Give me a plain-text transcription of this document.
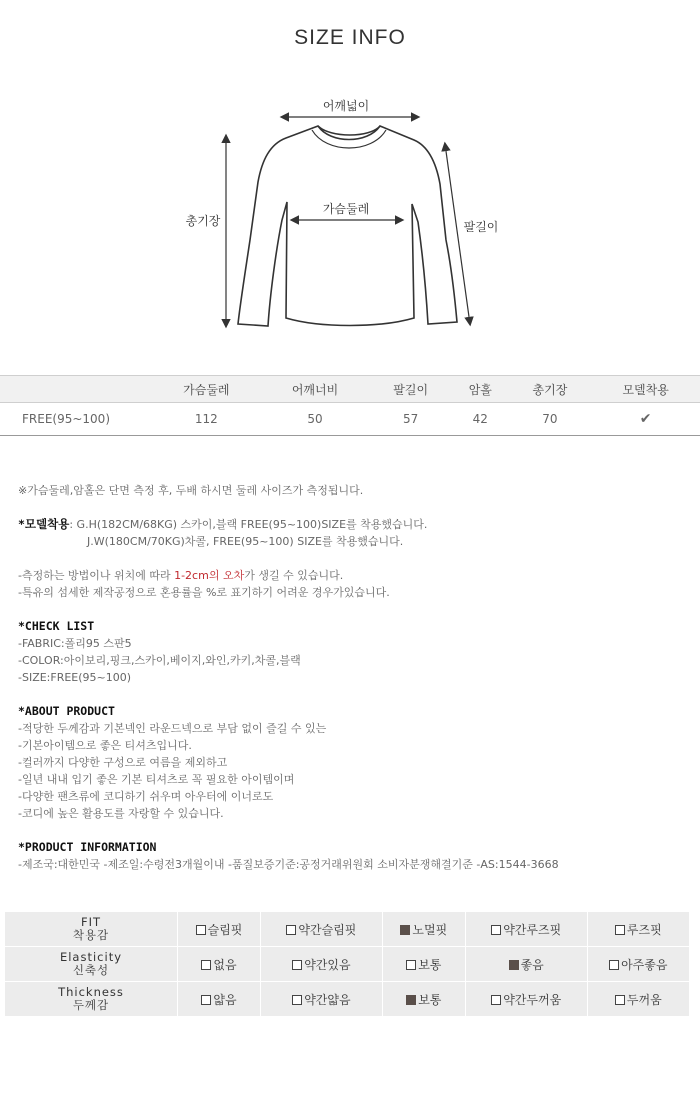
SIZE INFO
어깨넓이
가슴둘레
총기장	팔길이
	가슴둘레	어깨너비	팔길이	암홀	총기장	모델착용
FREE(95~100)	112	50	57	42	70	✔
※가슴둘레,암홀은 단면 측정 후, 두배 하시면 둘레 사이즈가 측정됩니다.
*모델착용: G.H(182CM/68KG) 스카이,블랙 FREE(95~100)SIZE를 착용했습니다.
J.W(180CM/70KG)차콜, FREE(95~100) SIZE를 착용했습니다.
-측정하는 방법이나 위치에 따라 1-2cm의 오차가 생길 수 있습니다.
-특유의 섬세한 제작공정으로 혼용률을 %로 표기하기 어려운 경우가있습니다.
*CHECK LIST
-FABRIC:폴리95 스판5
-COLOR:아이보리,핑크,스카이,베이지,와인,카키,차콜,블랙
-SIZE:FREE(95~100)
*ABOUT PRODUCT
-적당한 두께감과 기본넥인 라운드넥으로 부담 없이 즐길 수 있는
-기본아이템으로 좋은 티셔츠입니다.
-컬러까지 다양한 구성으로 여름을 제외하고
-일년 내내 입기 좋은 기본 티셔츠로 꼭 필요한 아이템이며
-다양한 팬츠류에 코디하기 쉬우며 아우터에 이너로도
-코디에 높은 활용도를 자랑할 수 있습니다.
*PRODUCT INFORMATION
-제조국:대한민국 -제조일:수령전3개월이내 -품질보증기준:공정거래위원회 소비자분쟁해결기준 -AS:1544-3668
FIT
착용감	슬림핏	약간슬림핏	노멀핏	약간루즈핏	루즈핏
Elasticity
신축성	없음	약간있음	보통	좋음	아주좋음
Thickness
두께감	얇음	약간얇음	보통	약간두꺼움	두꺼움
